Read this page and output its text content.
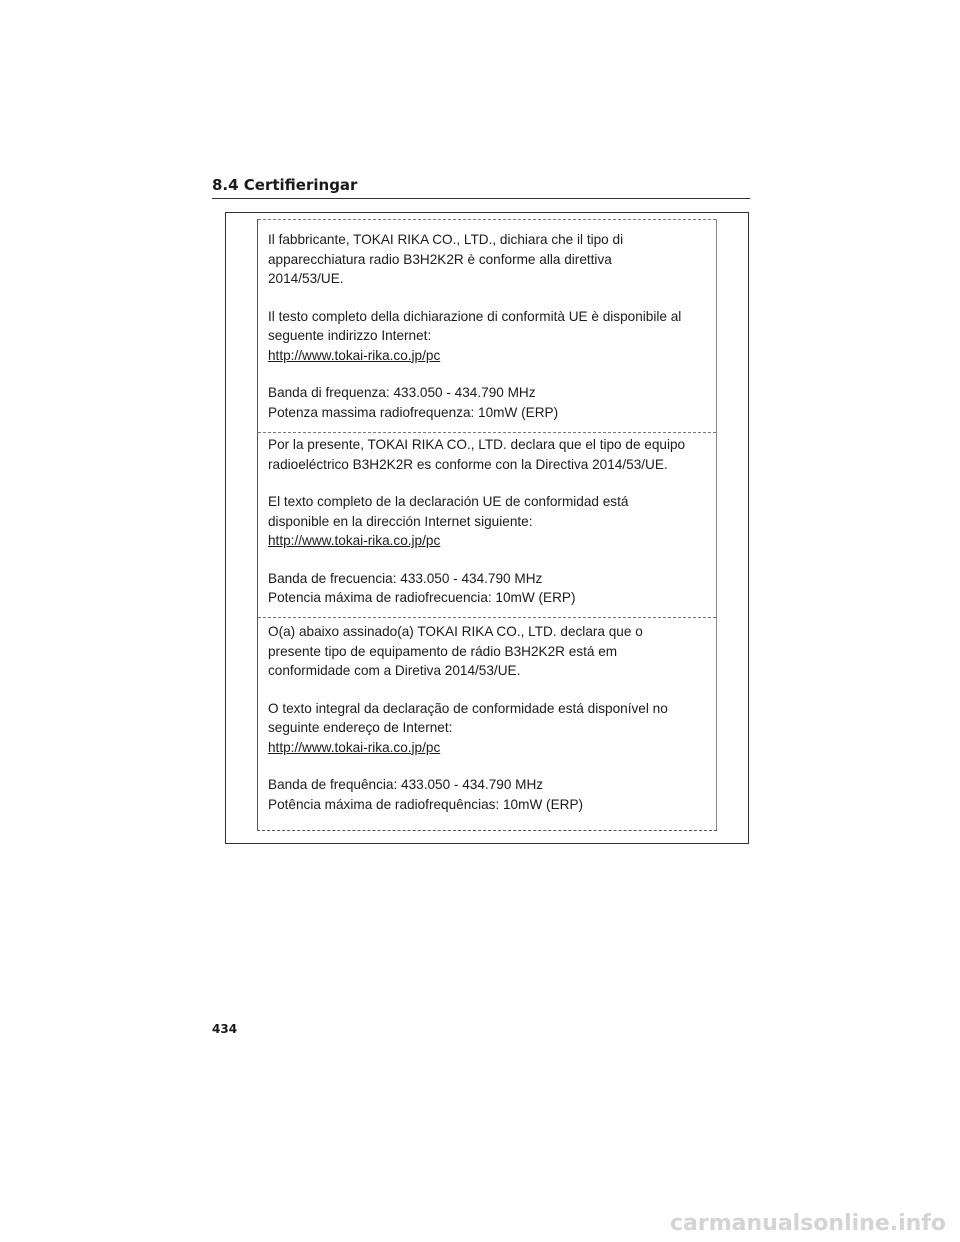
8.4 Certifieringar

Il fabbricante, TOKAI RIKA CO., LTD., dichiara che il tipo di

apparecchiatura radio B3H2K2R è conforme alla direttiva

2014/53/UE.

Il testo completo della dichiarazione di conformità UE è disponibile al

seguente indirizzo Internet:

http://www.tokai-rika.co.jp/pc

Banda di frequenza: 433.050 - 434.790 MHz

Potenza massima radiofrequenza: 10mW (ERP)

Por la presente, TOKAI RIKA CO., LTD. declara que el tipo de equipo

radioeléctrico B3H2K2R es conforme con la Directiva 2014/53/UE.

El texto completo de la declaración UE de conformidad está

disponible en la dirección Internet siguiente:

http://www.tokai-rika.co.jp/pc

Banda de frecuencia: 433.050 - 434.790 MHz

Potencia máxima de radiofrecuencia: 10mW (ERP)

O(a) abaixo assinado(a) TOKAI RIKA CO., LTD. declara que o

presente tipo de equipamento de rádio B3H2K2R está em

conformidade com a Diretiva 2014/53/UE.

O texto integral da declaração de conformidade está disponível no

seguinte endereço de Internet:

http://www.tokai-rika.co.jp/pc

Banda de frequência: 433.050 - 434.790 MHz

Potência máxima de radiofrequências: 10mW (ERP)

434
carmanualsonline.info
